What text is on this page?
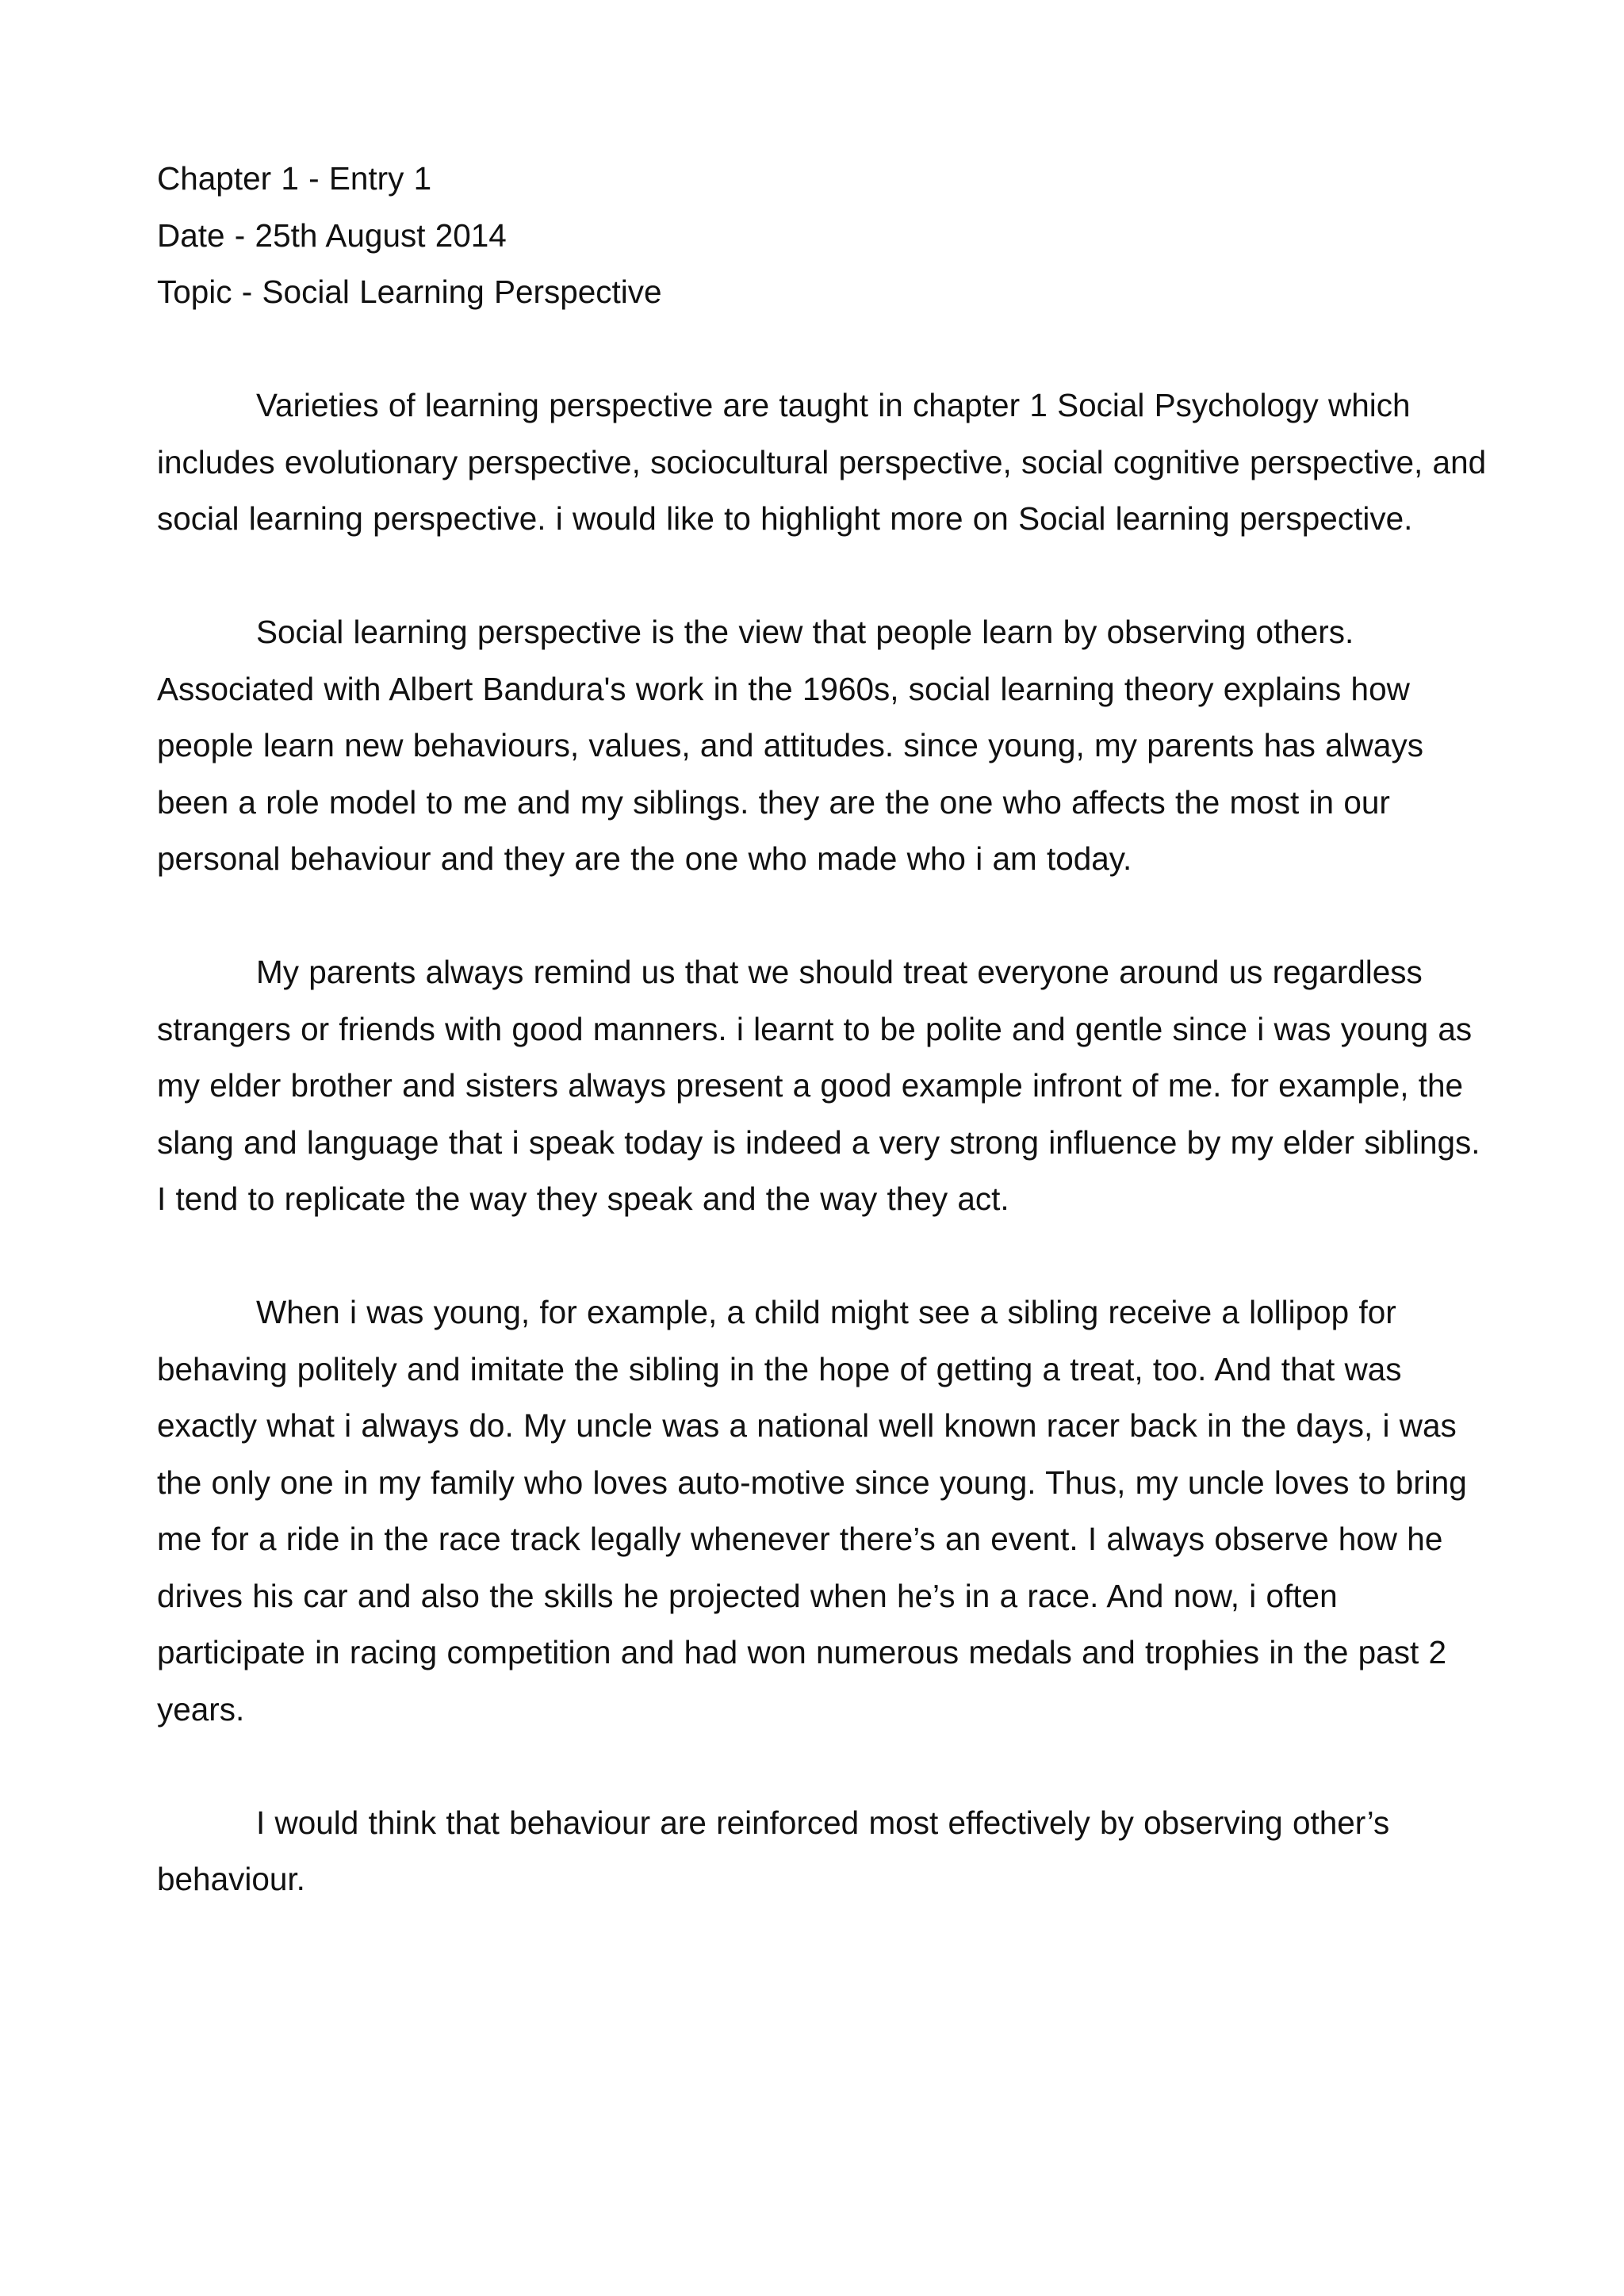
Chapter 1 - Entry 1
Date - 25th August 2014
Topic - Social Learning Perspective

Varieties of learning perspective are taught in chapter 1 Social Psychology which includes evolutionary perspective, sociocultural perspective, social cognitive perspective, and social learning perspective. i would like to highlight more on Social learning perspective.

Social learning perspective is the view that people learn by observing others. Associated with Albert Bandura's work in the 1960s, social learning theory explains how people learn new behaviours, values, and attitudes. since young, my parents has always been a role model to me and my siblings. they are the one who affects the most in our personal behaviour and they are the one who made who i am today.

My parents always remind us that we should treat everyone around us regardless strangers or friends with good manners. i learnt to be polite and gentle since i was young as my elder brother and sisters always present a good example infront of me. for example, the slang and language that i speak today is indeed a very strong influence by my elder siblings. I tend to replicate the way they speak and the way they act.

When i was young, for example, a child might see a sibling receive a lollipop for behaving politely and imitate the sibling in the hope of getting a treat, too. And that was exactly what i always do. My uncle was a national well known racer back in the days, i was the only one in my family who loves auto-motive since young. Thus, my uncle loves to bring me for a ride in the race track legally whenever there’s an event. I always observe how he drives his car and also the skills he projected when he’s in a race. And now, i often participate in racing competition and had won numerous medals and trophies in the past 2 years.

I would think that behaviour are reinforced most effectively by observing other’s behaviour.
